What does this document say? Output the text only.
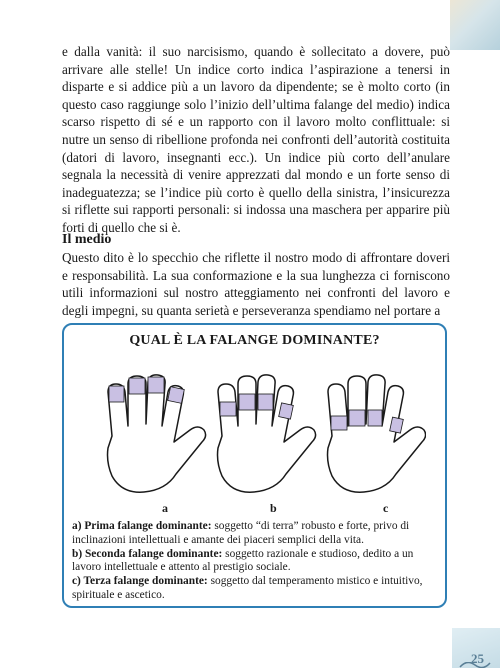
e dalla vanità: il suo narcisismo, quando è sollecitato a dovere, può arrivare alle stelle! Un indice corto indica l’aspirazione a tenersi in disparte e si addice più a un lavoro da dipendente; se è molto corto (in questo caso raggiunge solo l’inizio dell’ultima falange del medio) indica scarso rispetto di sé e un rapporto con il lavoro molto conflittuale: si nutre un senso di ribellione profonda nei confronti dell’autorità costituita (datori di lavoro, insegnanti ecc.). Un indice più corto dell’anulare segnala la necessità di venire apprezzati dal mondo e un forte senso di inadeguatezza; se l’indice più corto è quello della sinistra, l’insicurezza si riflette sui rapporti personali: si indossa una maschera per apparire più forti di quello che si è.

Il medio

Questo dito è lo specchio che riflette il nostro modo di affrontare doveri e responsabilità. La sua conformazione e la sua lunghezza ci forniscono utili informazioni sul nostro atteggiamento nei confronti del lavoro e degli impegni, su quanta serietà e perseveranza spendiamo nel portare a

QUAL È LA FALANGE DOMINANTE?
a	b	c

a) Prima falange dominante: soggetto “di terra” robusto e forte, privo di inclinazioni intellettuali e amante dei piaceri semplici della vita.
b) Seconda falange dominante: soggetto razionale e studioso, dedito a un lavoro intellettuale e attento al prestigio sociale.
c) Terza falange dominante: soggetto dal temperamento mistico e intuitivo, spirituale e ascetico.

25
